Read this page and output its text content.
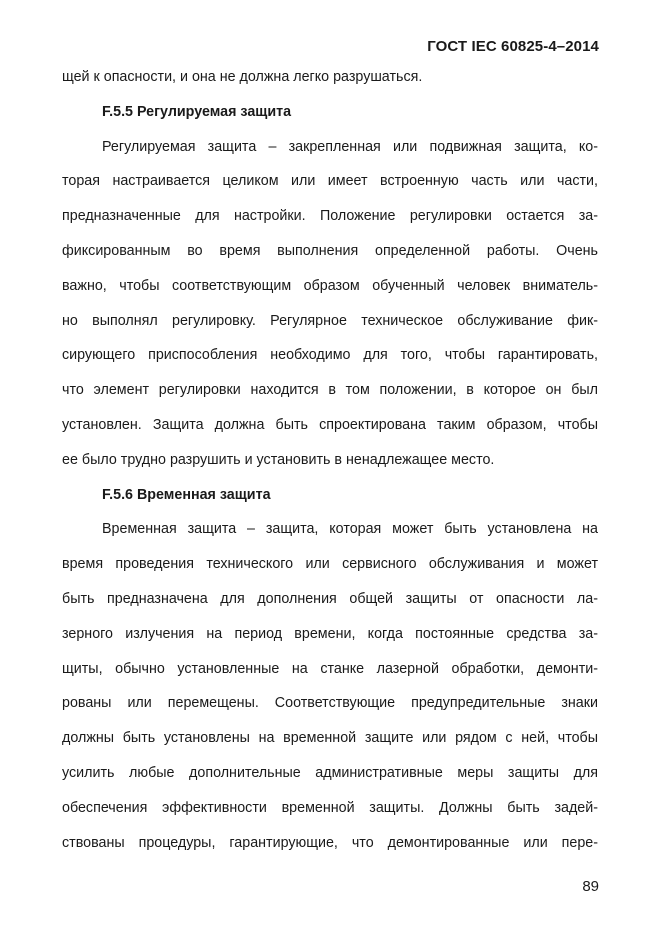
ГОСТ IEC 60825-4–2014
щей к опасности, и она не должна легко разрушаться.
F.5.5 Регулируемая защита
Регулируемая защита – закрепленная или подвижная защита, ко-
торая настраивается целиком или имеет встроенную часть или части,
предназначенные для настройки. Положение регулировки остается за-
фиксированным во время выполнения определенной работы. Очень
важно, чтобы соответствующим образом обученный человек вниматель-
но выполнял регулировку. Регулярное техническое обслуживание фик-
сирующего приспособления необходимо для того, чтобы гарантировать,
что элемент регулировки находится в том положении, в которое он был
установлен. Защита должна быть спроектирована таким образом, чтобы
ее было трудно разрушить и установить в ненадлежащее место.
F.5.6 Временная защита
Временная защита – защита, которая может быть установлена на
время проведения технического или сервисного обслуживания и может
быть предназначена для дополнения общей защиты от опасности ла-
зерного излучения на период времени, когда постоянные средства за-
щиты, обычно установленные на станке лазерной обработки, демонти-
рованы или перемещены. Соответствующие предупредительные знаки
должны быть установлены на временной защите или рядом с ней, чтобы
усилить любые дополнительные административные меры защиты для
обеспечения эффективности временной защиты. Должны быть задей-
ствованы процедуры, гарантирующие, что демонтированные или пере-
89
